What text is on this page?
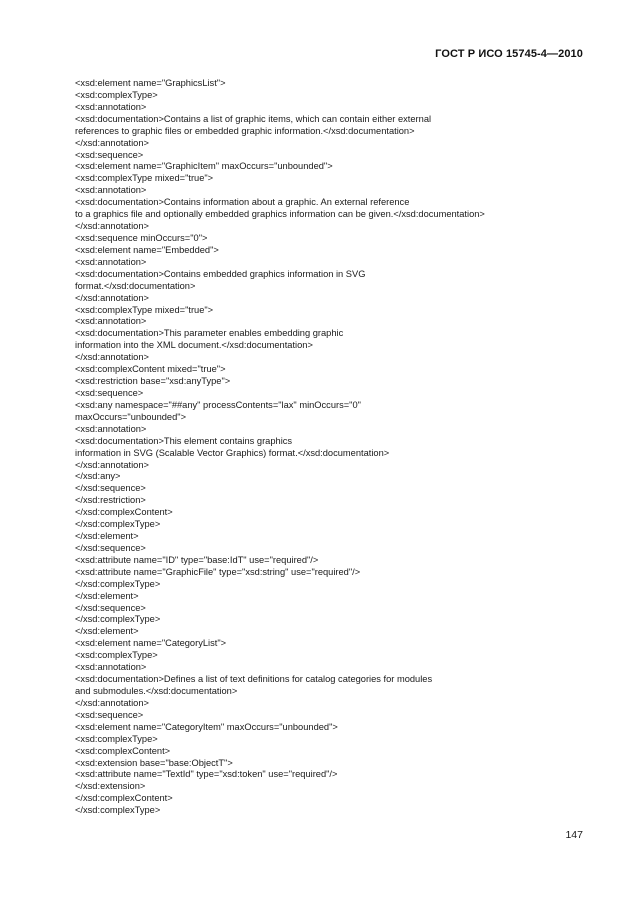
ГОСТ Р ИСО 15745-4—2010
<xsd:element name="GraphicsList">
<xsd:complexType>
<xsd:annotation>
<xsd:documentation>Contains a list of graphic items, which can contain either external
references to graphic files or embedded graphic information.</xsd:documentation>
</xsd:annotation>
<xsd:sequence>
<xsd:element name="GraphicItem" maxOccurs="unbounded">
<xsd:complexType mixed="true">
<xsd:annotation>
<xsd:documentation>Contains information about a graphic. An external reference
to a graphics file and optionally embedded graphics information can be given.</xsd:documentation>
</xsd:annotation>
<xsd:sequence minOccurs="0">
<xsd:element name="Embedded">
<xsd:annotation>
<xsd:documentation>Contains embedded graphics information in SVG
format.</xsd:documentation>
</xsd:annotation>
<xsd:complexType mixed="true">
<xsd:annotation>
<xsd:documentation>This parameter enables embedding graphic
information into the XML document.</xsd:documentation>
</xsd:annotation>
<xsd:complexContent mixed="true">
<xsd:restriction base="xsd:anyType">
<xsd:sequence>
<xsd:any namespace="##any" processContents="lax" minOccurs="0"
maxOccurs="unbounded">
<xsd:annotation>
<xsd:documentation>This element contains graphics
information in SVG (Scalable Vector Graphics) format.</xsd:documentation>
</xsd:annotation>
</xsd:any>
</xsd:sequence>
</xsd:restriction>
</xsd:complexContent>
</xsd:complexType>
</xsd:element>
</xsd:sequence>
<xsd:attribute name="ID" type="base:IdT" use="required"/>
<xsd:attribute name="GraphicFile" type="xsd:string" use="required"/>
</xsd:complexType>
</xsd:element>
</xsd:sequence>
</xsd:complexType>
</xsd:element>
<xsd:element name="CategoryList">
<xsd:complexType>
<xsd:annotation>
<xsd:documentation>Defines a list of text definitions for catalog categories for modules
and submodules.</xsd:documentation>
</xsd:annotation>
<xsd:sequence>
<xsd:element name="CategoryItem" maxOccurs="unbounded">
<xsd:complexType>
<xsd:complexContent>
<xsd:extension base="base:ObjectT">
<xsd:attribute name="TextId" type="xsd:token" use="required"/>
</xsd:extension>
</xsd:complexContent>
</xsd:complexType>
147
